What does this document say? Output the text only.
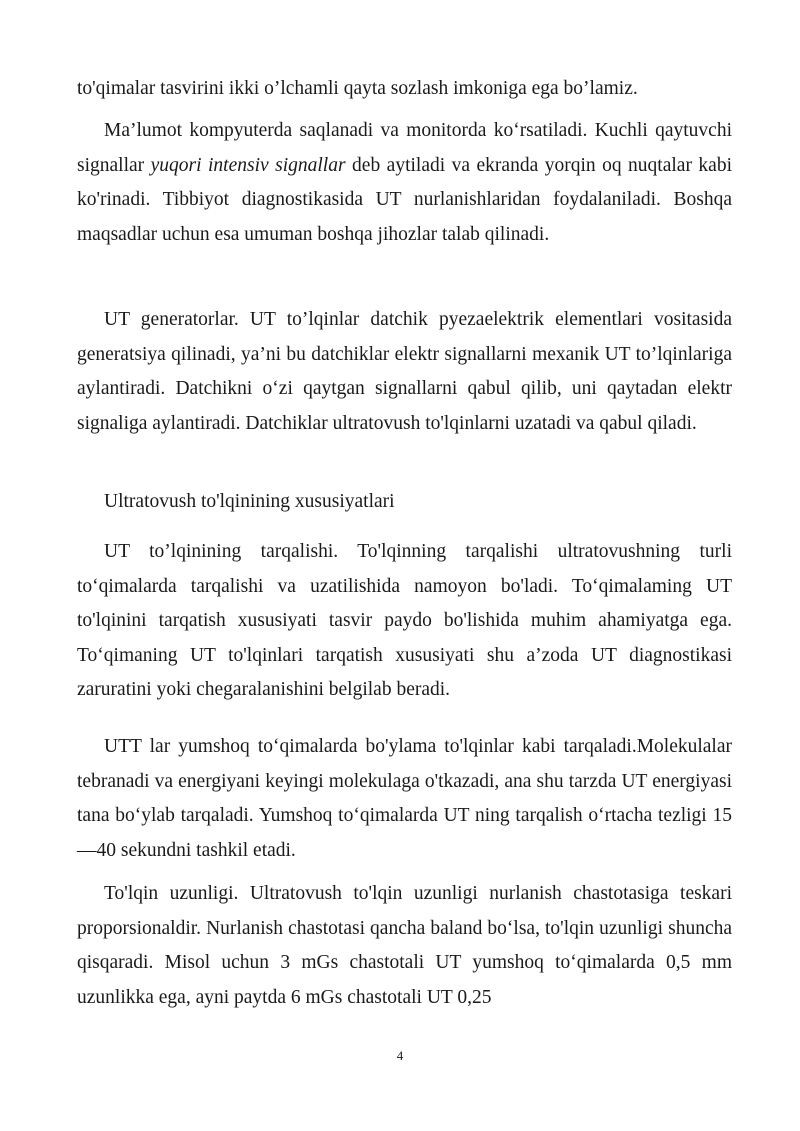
to'qimalar tasvirini ikki o’lchamli qayta sozlash imkoniga ega bo’lamiz.

Ma’lumot kompyuterda saqlanadi va monitorda ko‘rsatiladi. Kuchli qaytuvchi signallar yuqori intensiv signallar deb aytiladi va ekranda yorqin oq nuqtalar kabi ko'rinadi. Tibbiyot diagnostikasida UT nurlanishlaridan foydalaniladi. Boshqa maqsadlar uchun esa umuman boshqa jihozlar talab qilinadi.

UT generatorlar. UT to’lqinlar datchik pyezaelektrik elementlari vositasida generatsiya qilinadi, ya’ni bu datchiklar elektr signallarni mexanik UT to’lqinlariga aylantiradi. Datchikni o‘zi qaytgan signallarni qabul qilib, uni qaytadan elektr signaliga aylantiradi. Datchiklar ultratovush to'lqinlarni uzatadi va qabul qiladi.

Ultratovush to'lqinining xususiyatlari

UT to’lqinining tarqalishi. To'lqinning tarqalishi ultratovushning turli to‘qimalarda tarqalishi va uzatilishida namoyon bo'ladi. To‘qimalaming UT to'lqinini tarqatish xususiyati tasvir paydo bo'lishida muhim ahamiyatga ega. To‘qimaning UT to'lqinlari tarqatish xususiyati shu a’zoda UT diagnostikasi zaruratini yoki chegaralanishini belgilab beradi.

UTT lar yumshoq to‘qimalarda bo'ylama to'lqinlar kabi tarqaladi.Molekulalar tebranadi va energiyani keyingi molekulaga o'tkazadi, ana shu tarzda UT energiyasi tana bo‘ylab tarqaladi. Yumshoq to‘qimalarda UT ning tarqalish o‘rtacha tezligi 15—40 sekundni tashkil etadi.

To'lqin uzunligi. Ultratovush to'lqin uzunligi nurlanish chastotasiga teskari proporsionaldir. Nurlanish chastotasi qancha baland bo‘lsa, to'lqin uzunligi shuncha qisqaradi. Misol uchun 3 mGs chastotali UT yumshoq to‘qimalarda 0,5 mm uzunlikka ega, ayni paytda 6 mGs chastotali UT 0,25

4
